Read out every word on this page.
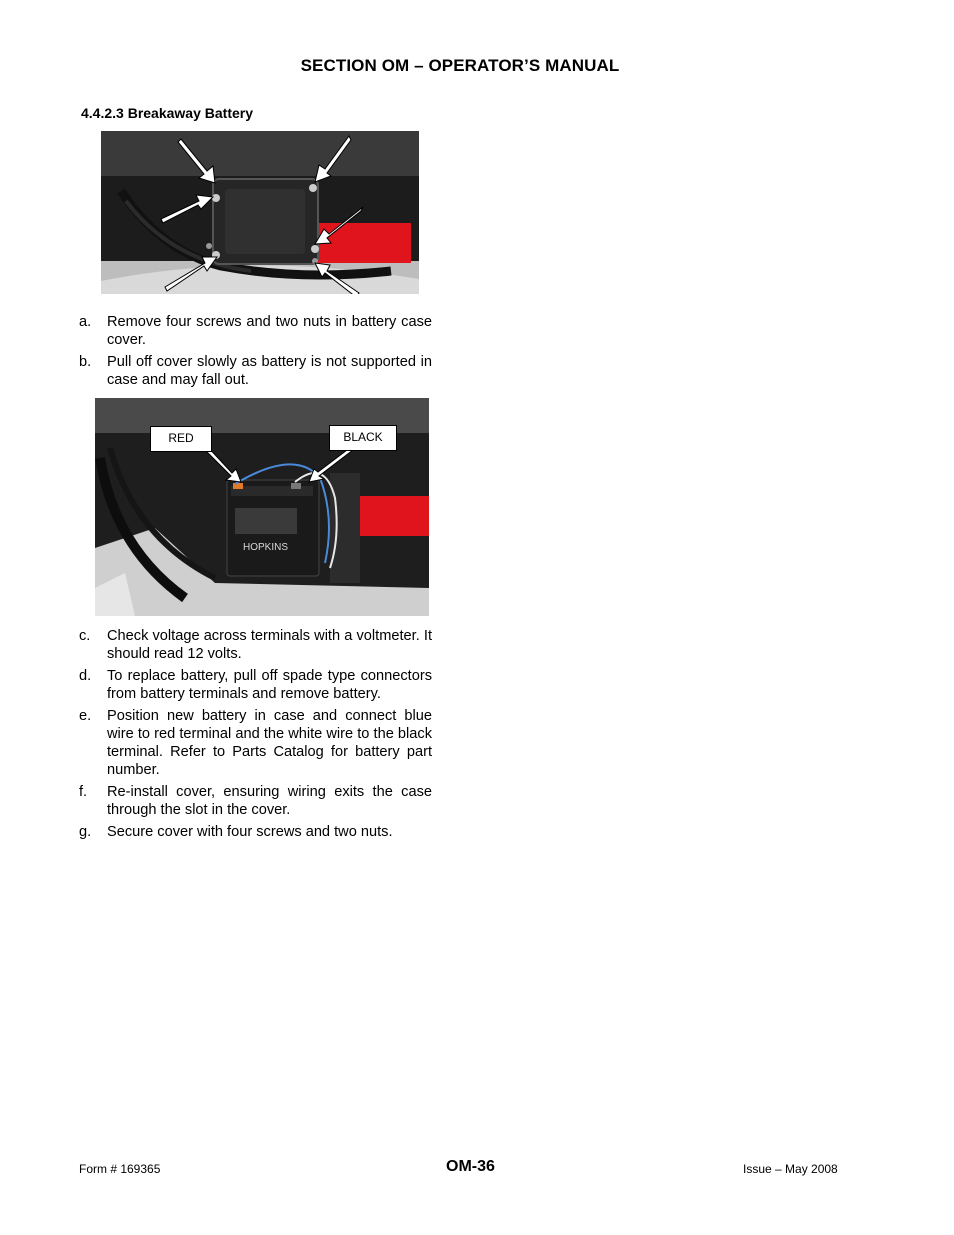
SECTION OM – OPERATOR’S MANUAL
4.4.2.3 Breakaway Battery
a.	Remove four screws and two nuts in battery case cover.
b.	Pull off cover slowly as battery is not supported in case and may fall out.
HOPKINS
RED	BLACK
c.	Check voltage across terminals with a voltmeter. It should read 12 volts.
d.	To replace battery, pull off spade type connectors from battery terminals and remove battery.
e.	Position new battery in case and connect blue wire to red terminal and the white wire to the black terminal. Refer to Parts Catalog for battery part number.
f.	Re-install cover, ensuring wiring exits the case through the slot in the cover.
g.	Secure cover with four screws and two nuts.
Form # 169365	OM-36	Issue – May 2008
